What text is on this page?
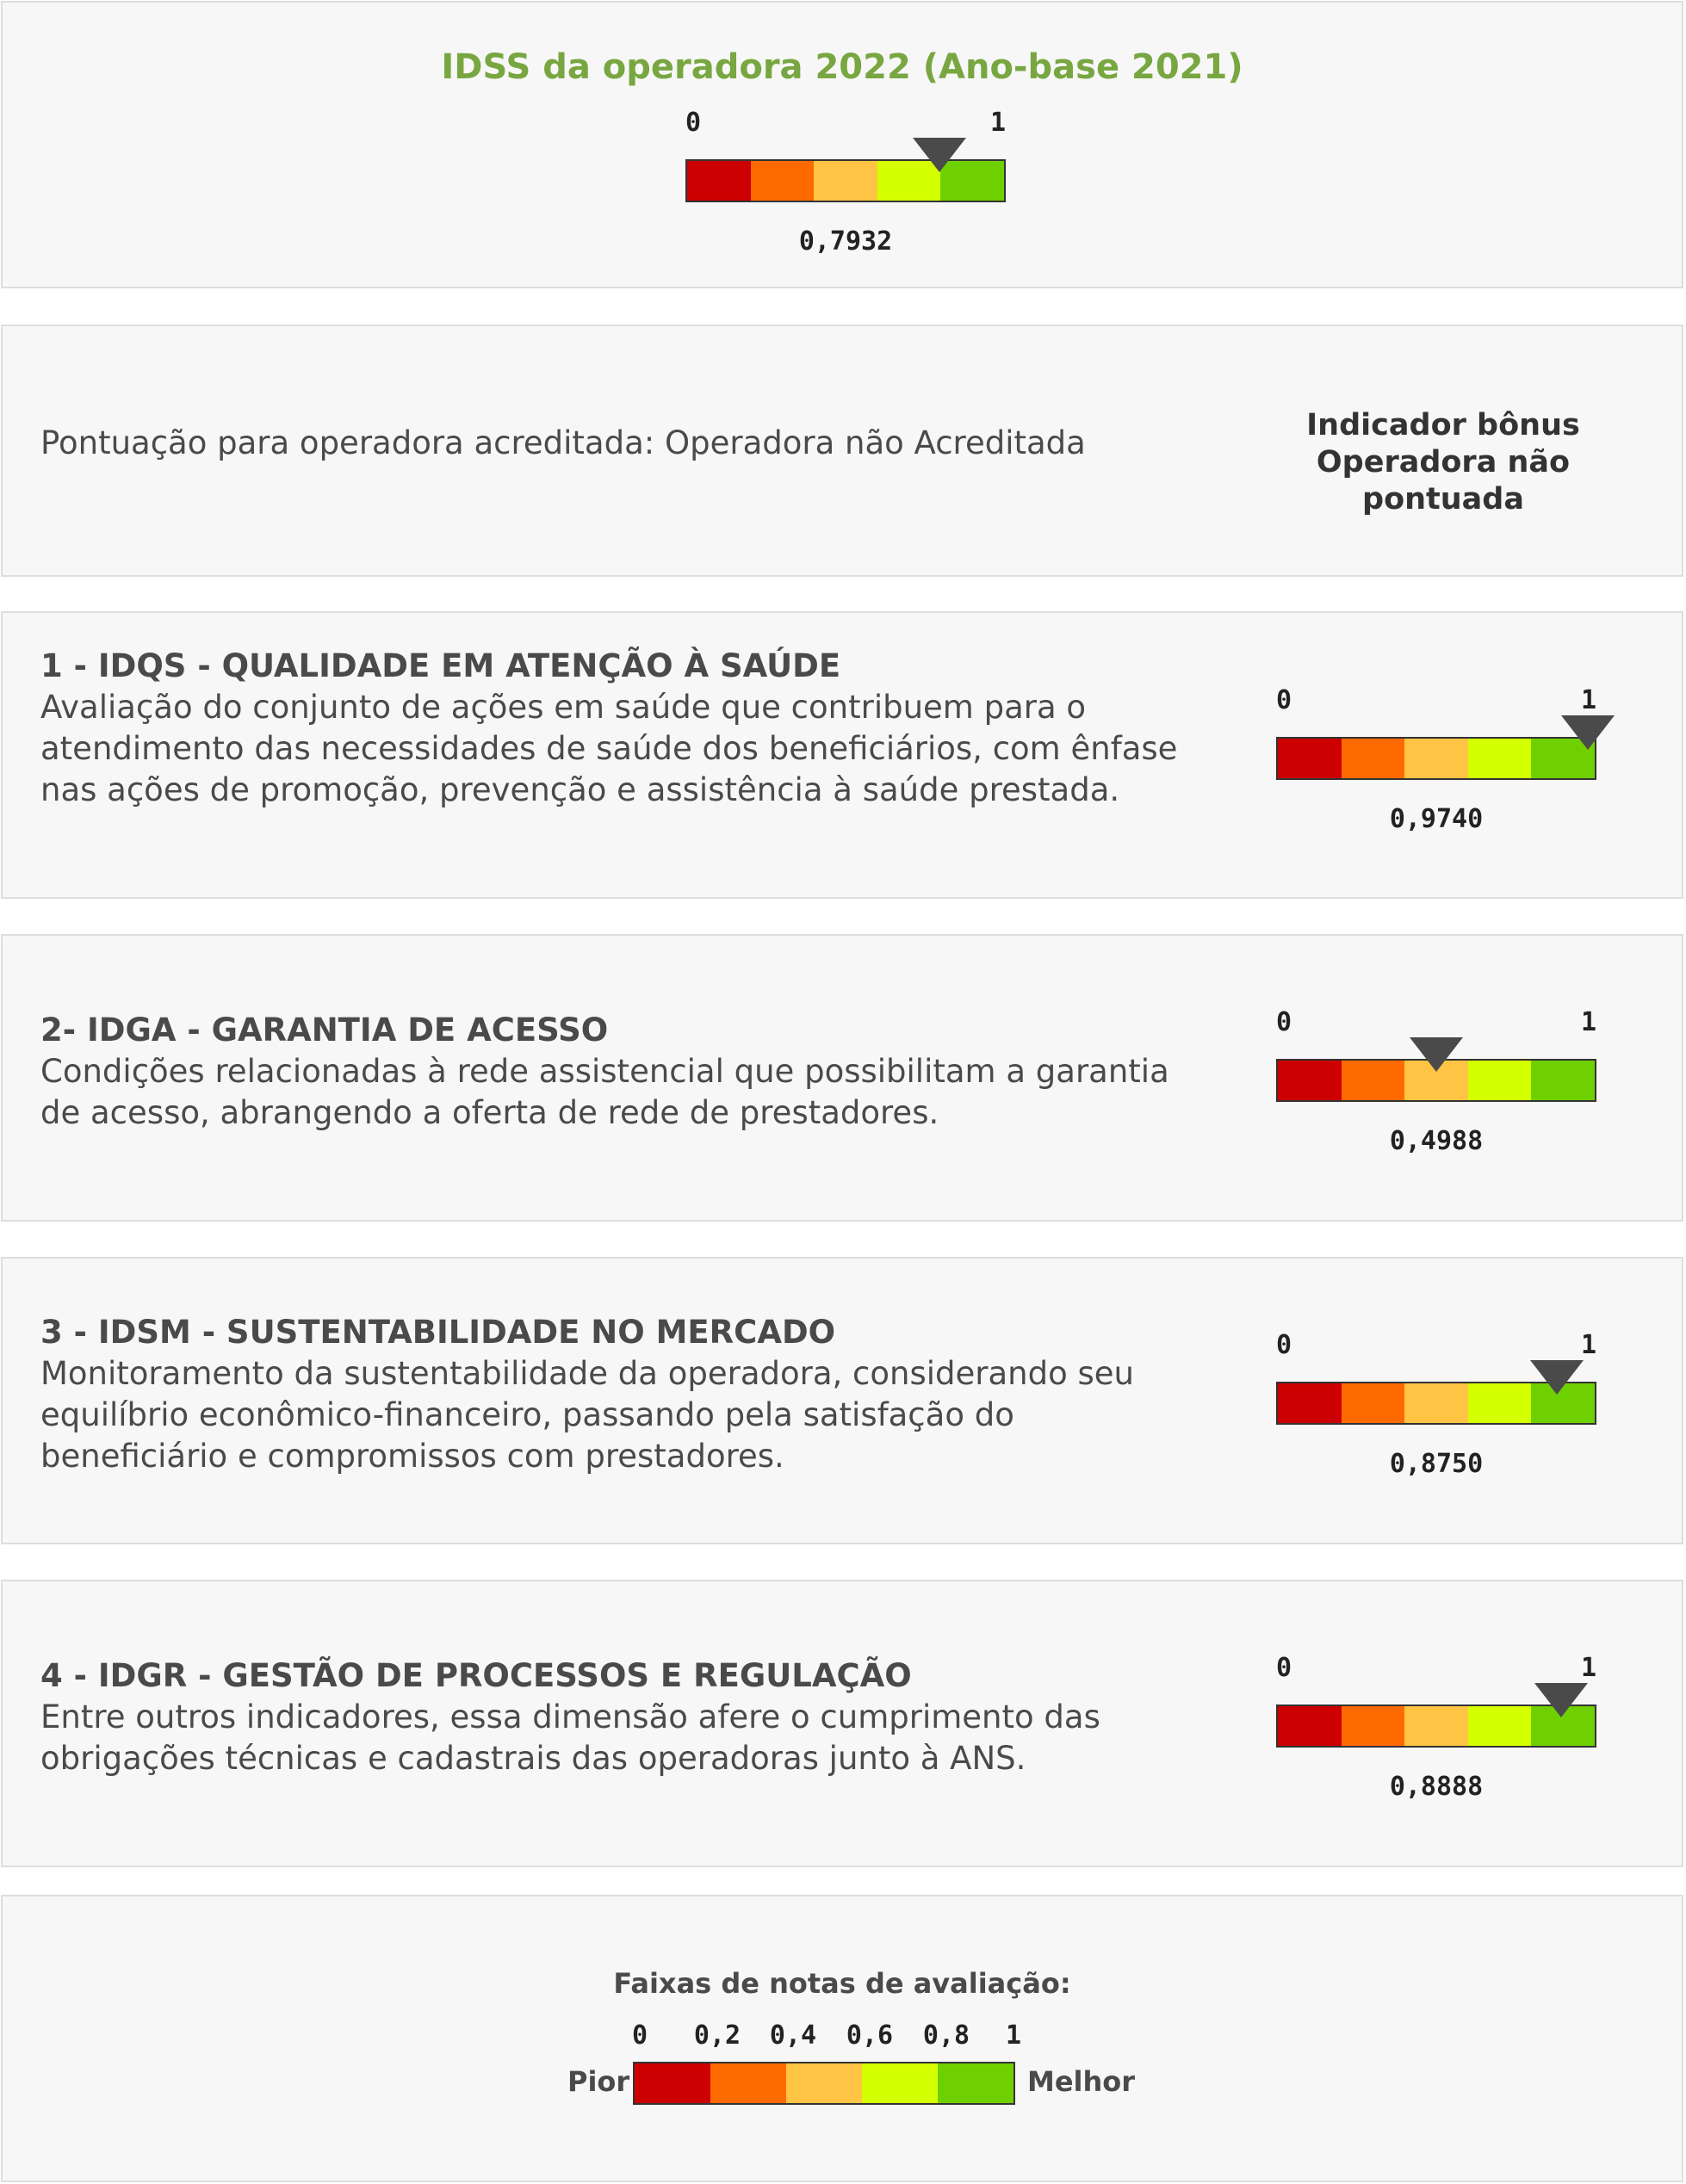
IDSS da operadora 2022 (Ano-base 2021)
0	1
0,7932
Pontuação para operadora acreditada: Operadora não Acreditada	Indicador bônus
Operadora não pontuada
1 - IDQS - QUALIDADE EM ATENÇÃO À SAÚDE
Avaliação do conjunto de ações em saúde que contribuem para o atendimento das necessidades de saúde dos beneficiários, com ênfase nas ações de promoção, prevenção e assistência à saúde prestada.
0	1
0,9740
2- IDGA - GARANTIA DE ACESSO
Condições relacionadas à rede assistencial que possibilitam a garantia de acesso, abrangendo a oferta de rede de prestadores.
0	1
0,4988
3 - IDSM - SUSTENTABILIDADE NO MERCADO
Monitoramento da sustentabilidade da operadora, considerando seu equilíbrio econômico-financeiro, passando pela satisfação do beneficiário e compromissos com prestadores.
0	1
0,8750
4 - IDGR - GESTÃO DE PROCESSOS E REGULAÇÃO
Entre outros indicadores, essa dimensão afere o cumprimento das obrigações técnicas e cadastrais das operadoras junto à ANS.
0	1
0,8888
Faixas de notas de avaliação:
0 0,2 0,4 0,6 0,8 1
Pior	Melhor
